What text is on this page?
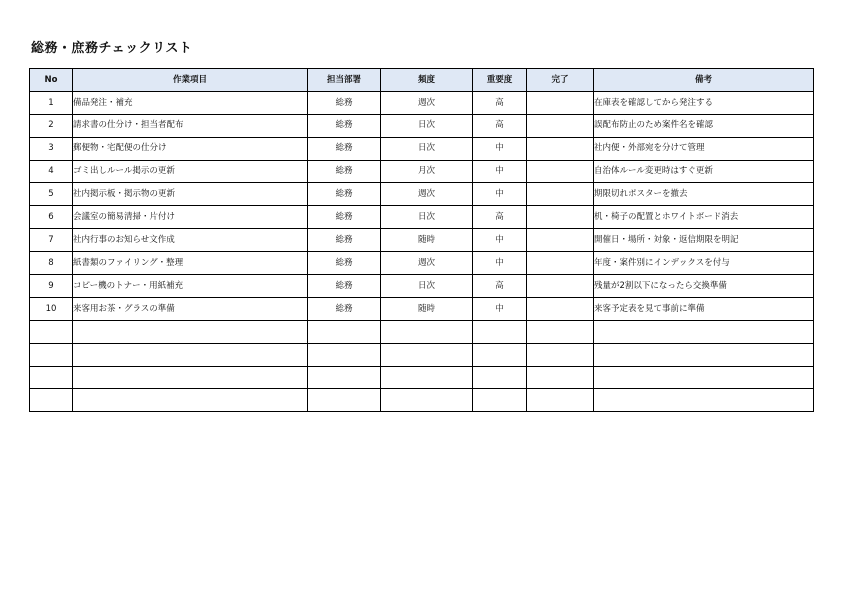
総務・庶務チェックリスト
No	作業項目	担当部署	頻度	重要度	完了	備考
1	備品発注・補充	総務	週次	高		在庫表を確認してから発注する
2	請求書の仕分け・担当者配布	総務	日次	高		誤配布防止のため案件名を確認
3	郵便物・宅配便の仕分け	総務	日次	中		社内便・外部宛を分けて管理
4	ゴミ出しルール掲示の更新	総務	月次	中		自治体ルール変更時はすぐ更新
5	社内掲示板・掲示物の更新	総務	週次	中		期限切れポスターを撤去
6	会議室の簡易清掃・片付け	総務	日次	高		机・椅子の配置とホワイトボード消去
7	社内行事のお知らせ文作成	総務	随時	中		開催日・場所・対象・返信期限を明記
8	紙書類のファイリング・整理	総務	週次	中		年度・案件別にインデックスを付与
9	コピー機のトナー・用紙補充	総務	日次	高		残量が2割以下になったら交換準備
10	来客用お茶・グラスの準備	総務	随時	中		来客予定表を見て事前に準備
